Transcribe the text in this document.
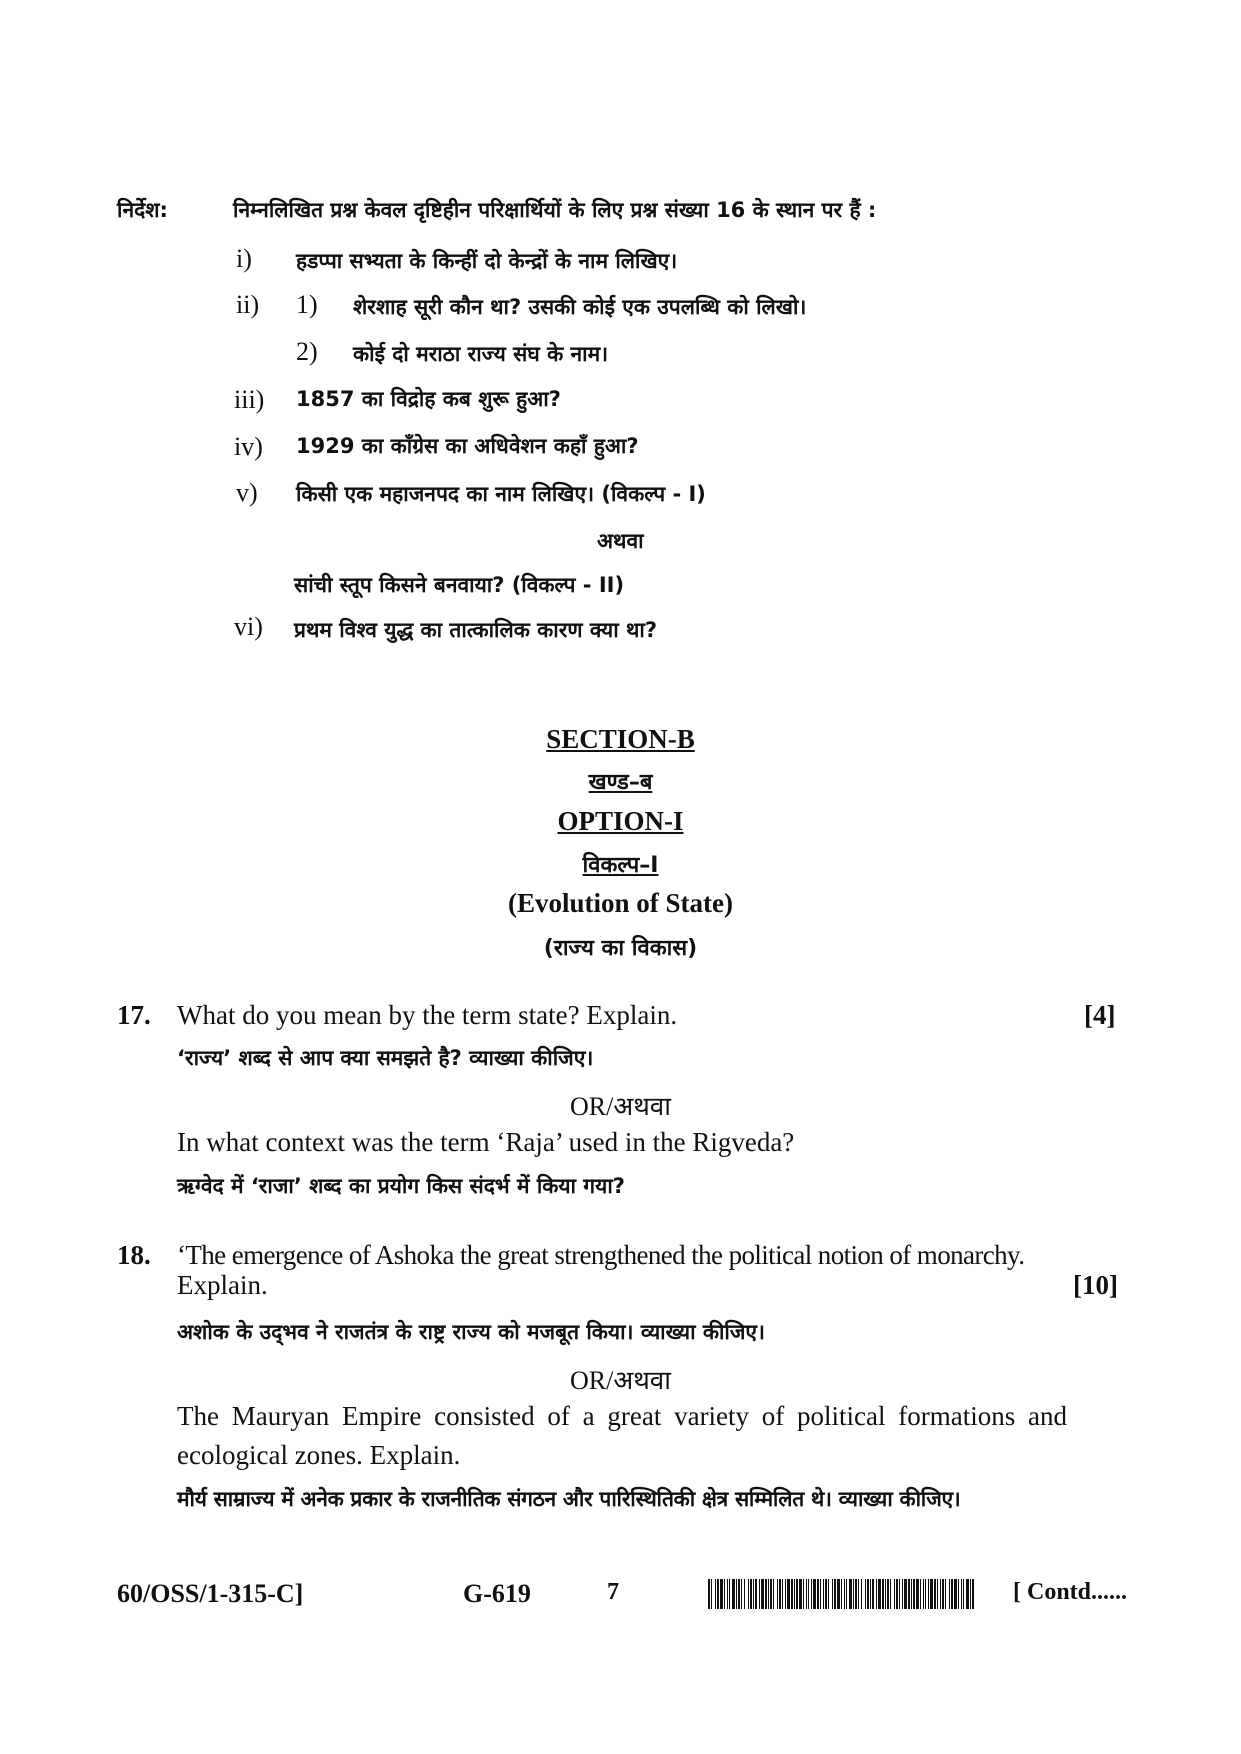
निर्देश:	निम्नलिखित प्रश्न केवल दृष्टिहीन परिक्षार्थियों के लिए प्रश्न संख्या 16 के स्थान पर हैं :
i) हडप्पा सभ्यता के किन्हीं दो केन्द्रों के नाम लिखिए।
ii) 1) शेरशाह सूरी कौन था? उसकी कोई एक उपलब्धि को लिखो।
2) कोई दो मराठा राज्य संघ के नाम।
iii) 1857 का विद्रोह कब शुरू हुआ?
iv) 1929 का काँग्रेस का अधिवेशन कहाँ हुआ?
v) किसी एक महाजनपद का नाम लिखिए। (विकल्प - I)
अथवा
सांची स्तूप किसने बनवाया? (विकल्प - II)
vi) प्रथम विश्व युद्ध का तात्कालिक कारण क्या था?
SECTION-B
खण्ड–ब
OPTION-I
विकल्प–I
(Evolution of State)
(राज्य का विकास)
17. What do you mean by the term state? Explain.	[4]
‘राज्य’ शब्द से आप क्या समझते है? व्याख्या कीजिए।
OR/अथवा
In what context was the term ‘Raja’ used in the Rigveda?
ऋग्वेद में ‘राजा’ शब्द का प्रयोग किस संदर्भ में किया गया?
18. ‘The emergence of Ashoka the great strengthened the political notion of monarchy.
Explain.	[10]
अशोक के उद्‌भव ने राजतंत्र के राष्ट्र राज्य को मजबूत किया। व्याख्या कीजिए।
OR/अथवा
The Mauryan Empire consisted of a great variety of political formations and
ecological zones. Explain.
मौर्य साम्राज्य में अनेक प्रकार के राजनीतिक संगठन और पारिस्थितिकी क्षेत्र सम्मिलित थे। व्याख्या कीजिए।
60/OSS/1-315-C]	G-619	7	[ Contd......
